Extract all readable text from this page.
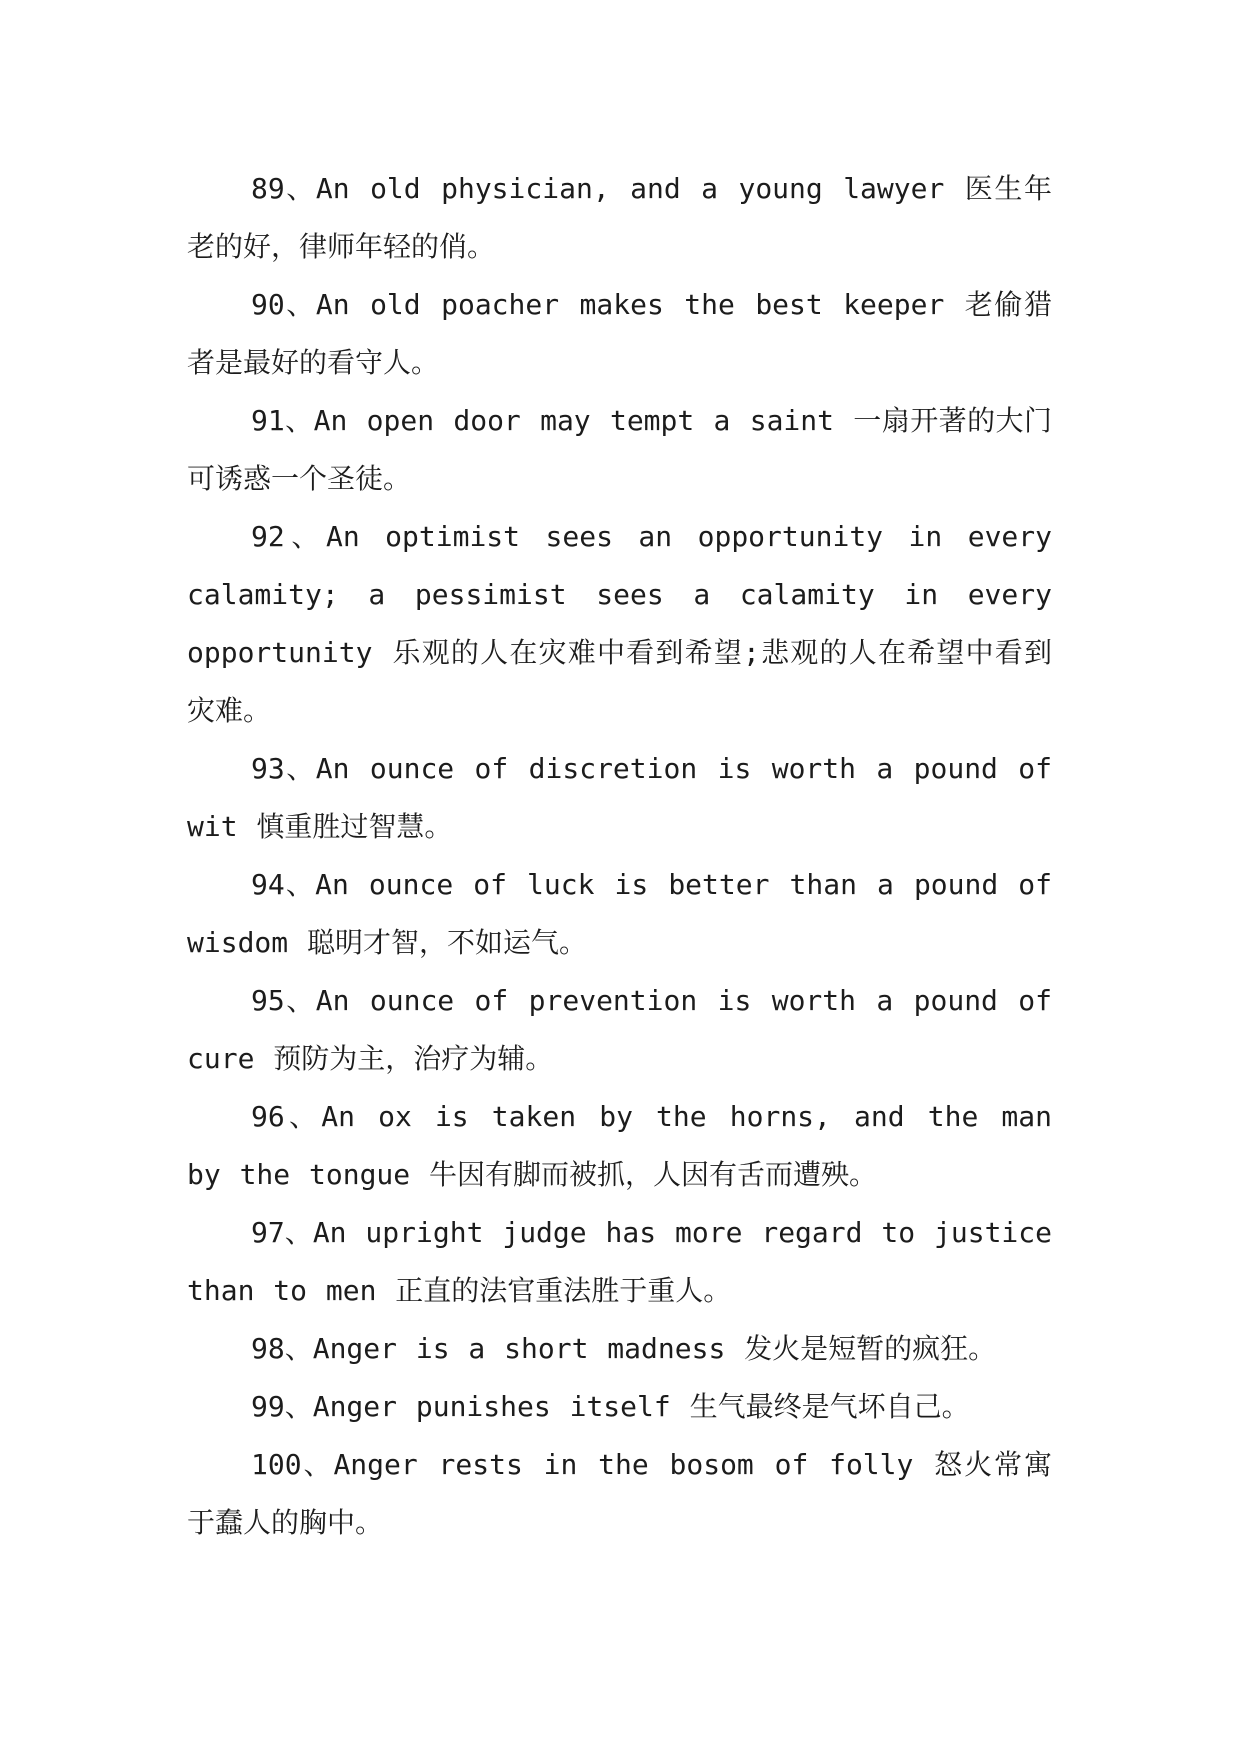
89、An old physician, and a young lawyer 医生年老的好，律师年轻的俏。

90、An old poacher makes the best keeper 老偷猎者是最好的看守人。

91、An open door may tempt a saint 一扇开著的大门可诱惑一个圣徒。

92、An optimist sees an opportunity in every calamity; a pessimist sees a calamity in every opportunity 乐观的人在灾难中看到希望;悲观的人在希望中看到灾难。

93、An ounce of discretion is worth a pound of wit 慎重胜过智慧。

94、An ounce of luck is better than a pound of wisdom 聪明才智，不如运气。

95、An ounce of prevention is worth a pound of cure 预防为主，治疗为辅。

96、An ox is taken by the horns, and the man by the tongue 牛因有脚而被抓，人因有舌而遭殃。

97、An upright judge has more regard to justice than to men 正直的法官重法胜于重人。

98、Anger is a short madness 发火是短暂的疯狂。

99、Anger punishes itself 生气最终是气坏自己。

100、Anger rests in the bosom of folly 怒火常寓于蠢人的胸中。
